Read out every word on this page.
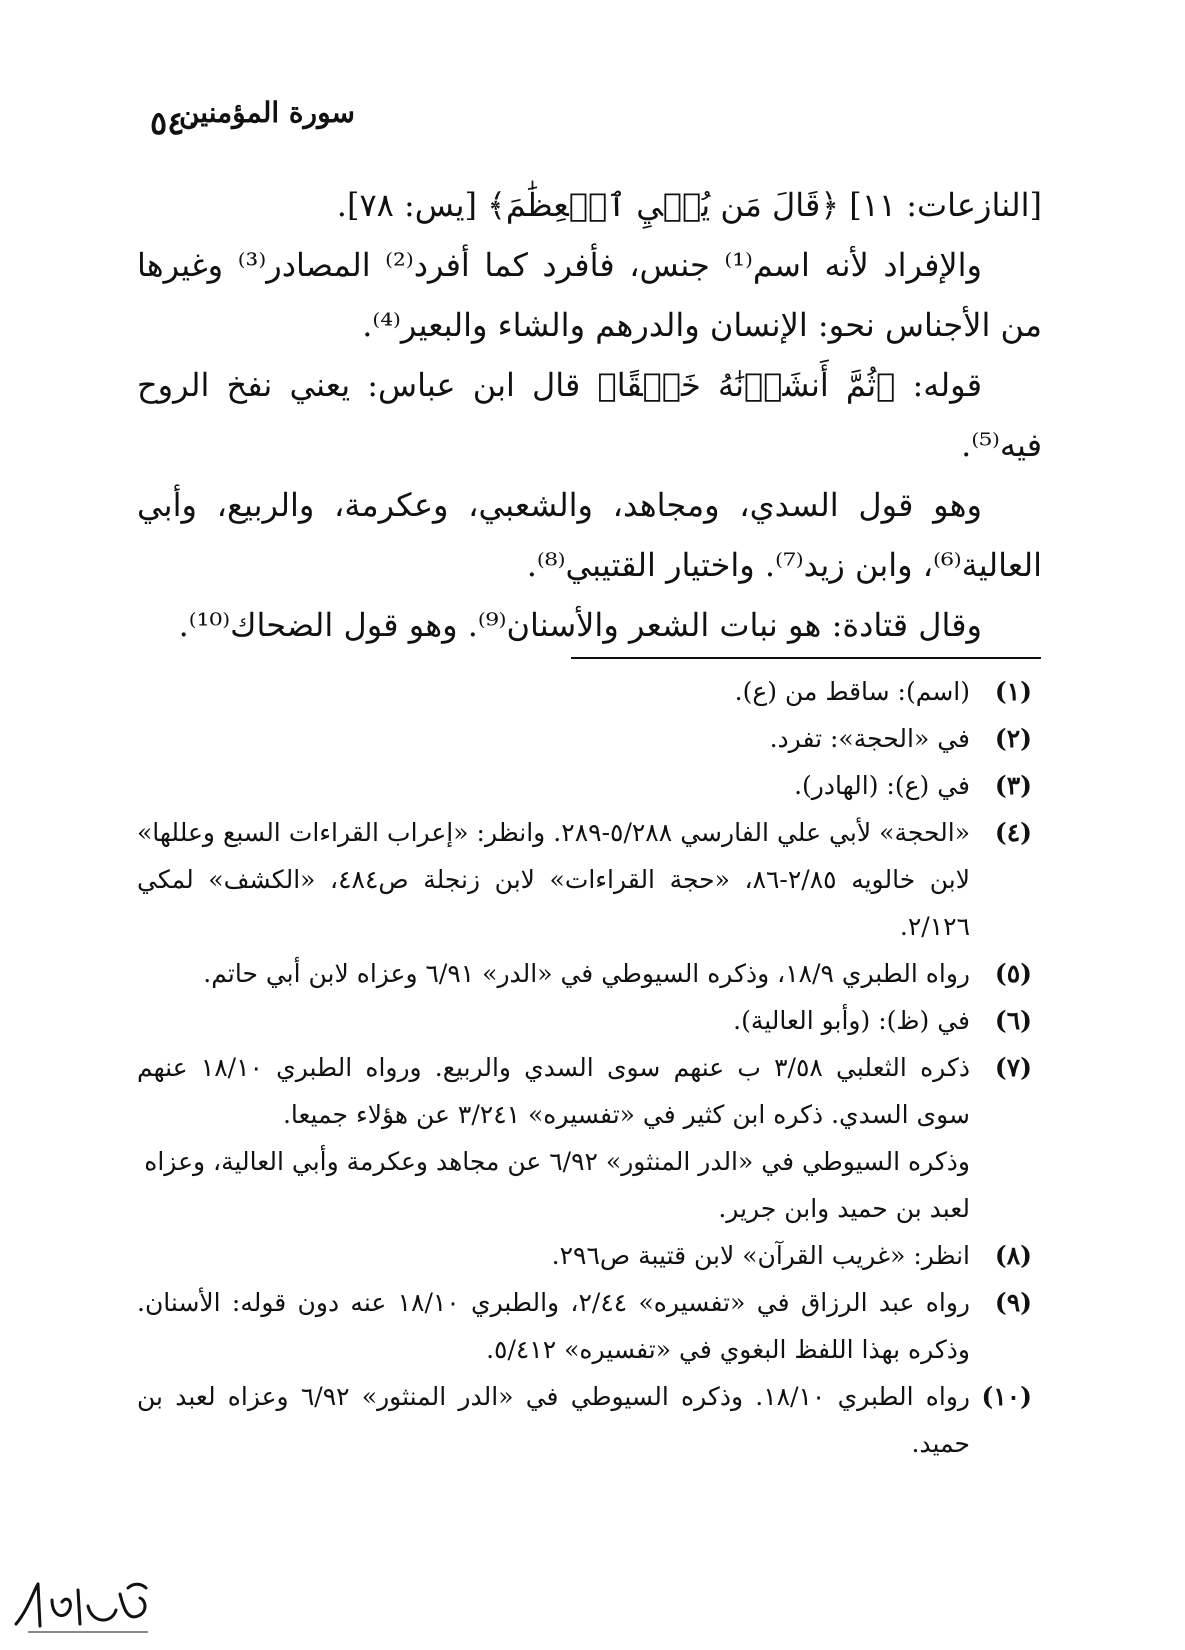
٥٤٠
سورة المؤمنين

[النازعات: ١١] ﴿قَالَ مَن يُحۡيِ ٱلۡعِظَٰمَ﴾ [يس: ٧٨].

والإفراد لأنه اسم⁽¹⁾ جنس، فأفرد كما أفرد⁽²⁾ المصادر⁽³⁾ وغيرها من الأجناس نحو: الإنسان والدرهم والشاء والبعير⁽⁴⁾.

قوله: ﴿ثُمَّ أَنشَأۡنَٰهُ خَلۡقًا﴾ قال ابن عباس: يعني نفخ الروح فيه⁽⁵⁾.

وهو قول السدي، ومجاهد، والشعبي، وعكرمة، والربيع، وأبي العالية⁽⁶⁾، وابن زيد⁽⁷⁾. واختيار القتيبي⁽⁸⁾.

وقال قتادة: هو نبات الشعر والأسنان⁽⁹⁾. وهو قول الضحاك⁽¹⁰⁾.

(١)
(اسم): ساقط من (ع).
(٢)
في «الحجة»: تفرد.
(٣)
في (ع): (الهادر).
(٤)
«الحجة» لأبي علي الفارسي ٥/٢٨٨-٢٨٩. وانظر: «إعراب القراءات السبع وعللها» لابن خالويه ٢/٨٥-٨٦، «حجة القراءات» لابن زنجلة ص٤٨٤، «الكشف» لمكي ٢/١٢٦.
(٥)
رواه الطبري ١٨/٩، وذكره السيوطي في «الدر» ٦/٩١ وعزاه لابن أبي حاتم.
(٦)
في (ظ): (وأبو العالية).
(٧)
ذكره الثعلبي ٣/٥٨ ب عنهم سوى السدي والربيع. ورواه الطبري ١٨/١٠ عنهم سوى السدي. ذكره ابن كثير في «تفسيره» ٣/٢٤١ عن هؤلاء جميعا.
وذكره السيوطي في «الدر المنثور» ٦/٩٢ عن مجاهد وعكرمة وأبي العالية، وعزاه لعبد بن حميد وابن جرير.
(٨)
انظر: «غريب القرآن» لابن قتيبة ص٢٩٦.
(٩)
رواه عبد الرزاق في «تفسيره» ٢/٤٤، والطبري ١٨/١٠ عنه دون قوله: الأسنان. وذكره بهذا اللفظ البغوي في «تفسيره» ٥/٤١٢.
(١٠)
رواه الطبري ١٨/١٠. وذكره السيوطي في «الدر المنثور» ٦/٩٢ وعزاه لعبد بن حميد.
